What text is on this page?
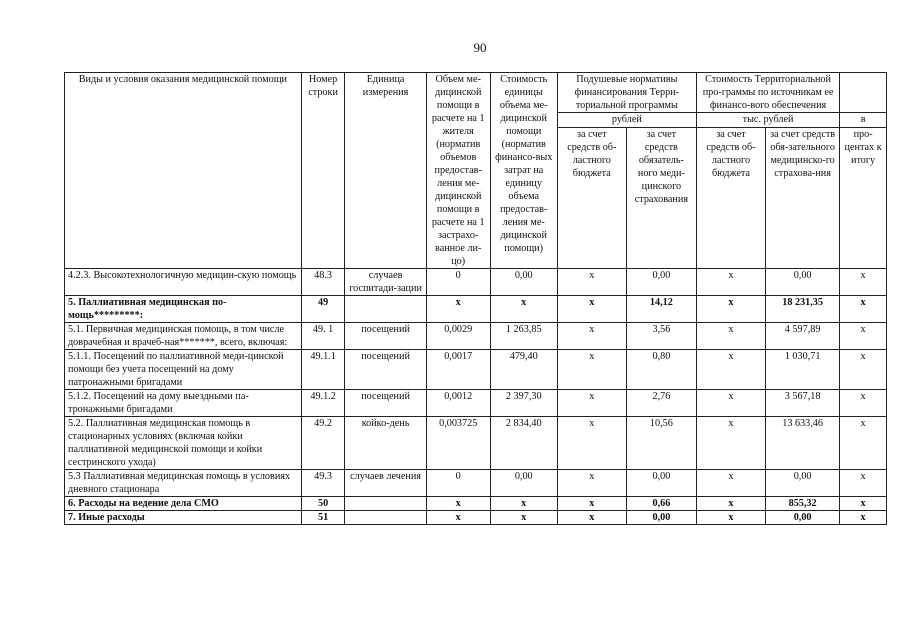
90
Виды и условия оказания медицинской помощи	Номер строки	Единица измерения	Объем ме-дицинской помощи в расчете на 1 жителя (норматив объемов предостав-ления ме-дицинской помощи в расчете на 1 застрахо-ванное ли-цо)	Стоимость единицы объема ме-дицинской помощи (норматив финансо-вых затрат на единицу объема предостав-ления ме-дицинской помощи)	Подушевые нормативы финансирования Терри-ториальной программы		Стоимость Территориальной про-граммы по источникам ее финансо-вого обеспечения		
					рублей		тыс. рублей		в
					за счет средств об-ластного бюджета	за счет средств обязатель-ного меди-цинского страхования	за счет средств об-ластного бюджета	за счет средств обя-зательного медицинско-го страхова-ния	про-центах к итогу
4.2.3. Высокотехнологичную медицин-скую помощь	48.3	случаев госпитади-зации	0	0,00	х	0,00	х	0,00	х
5. Паллиативная медицинская по-мощь*********:	49		х	х	х	14,12	х	18 231,35	х
5.1. Первичная медицинская помощь, в том числе доврачебная и врачеб-ная*******, всего, включая:	49. 1	посещений	0,0029	1 263,85	х	3,56	х	4 597,89	х
5.1.1. Посещений по паллиативной меди-цинской помощи без учета посещений на дому патронажными бригадами	49.1.1	посещений	0,0017	479,40	х	0,80	х	1 030,71	х
5.1.2. Посещений на дому выездными па-тронажными бригадами	49.1.2	посещений	0,0012	2 397,30	х	2,76	х	3 567,18	х
5.2. Паллиативная медицинская помощь в стационарных условиях (включая койки паллиативной медицинской помощи и койки сестринского ухода)	49.2	койко-день	0,003725	2 834,40	х	10,56	х	13 633,46	х
5.3 Паллиативная медицинская помощь в условиях дневного стационара	49.3	случаев лечения	0	0,00	х	0,00	х	0,00	х
6. Расходы на ведение дела СМО	50		х	х	х	0,66	х	855,32	х
7. Иные расходы	51		х	х	х	0,00	х	0,00	х
